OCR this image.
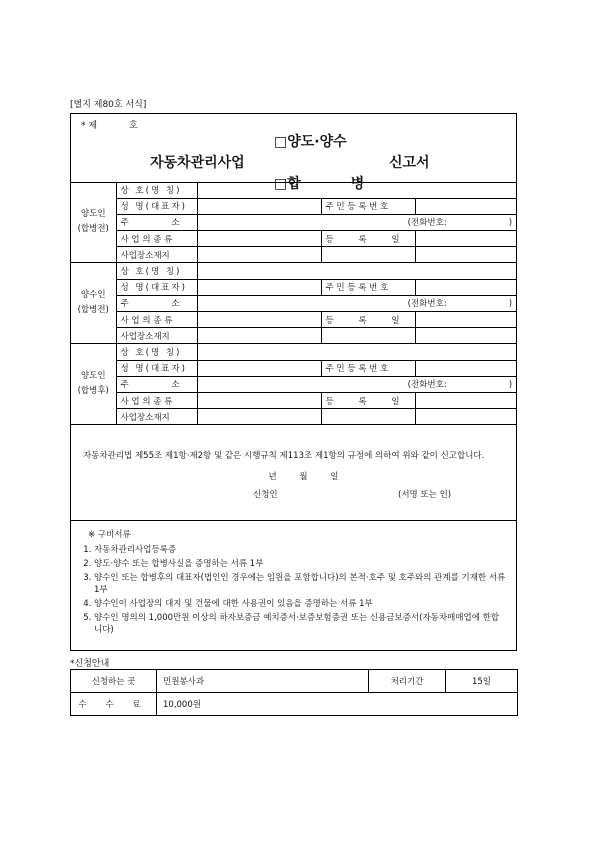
[별지 제80호 서식]
* 제	호
□양도·양수
자동차관리사업	신고서
□합	병
양도인
(합병전)	상 호(명 칭)			
	성 명(대표자)		주 민 등 록 번 호	
	주 소	(전화번호: )		
	사 업 의 종 류		등 록 일	
	사업장소재지			

양수인
(합병전)	상 호(명 칭)			
	성 명(대표자)		주 민 등 록 번 호	
	주 소	(전화번호: )		
	사 업 의 종 류		등 록 일	
	사업장소재지			

양도인
(합병후)	상 호(명 칭)			
	성 명(대표자)		주 민 등 록 번 호	
	주 소	(전화번호: )		
	사 업 의 종 류		등 록 일	
	사업장소재지			
자동차관리법 제55조 제1항·제2항 및 같은 시행규칙 제113조 제1항의 규정에 의하여 위와 같이 신고합니다.
년 월 일
신청인	(서명 또는 인)
※ 구비서류
1. 자동차관리사업등록증
2. 양도·양수 또는 합병사실을 증명하는 서류 1부
3. 양수인 또는 합병후의 대표자(법인인 경우에는 임원을 포함합니다)의 본적·호주 및 호주와의 관계를 기재한 서류 1부
4. 양수인이 사업장의 대지 및 건물에 대한 사용권이 있음을 증명하는 서류 1부
5. 양수인 명의의 1,000만원 이상의 하자보증금 예치증서·보증보험증권 또는 신용금보증서(자동차매매업에 한합니다)
*신청안내
신청하는 곳	민원봉사과	처리기간	15일
수 수 료	10,000원		
